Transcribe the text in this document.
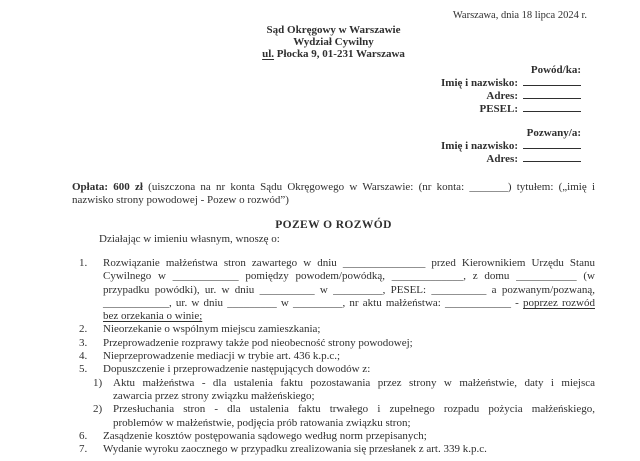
Warszawa, dnia 18 lipca 2024 r.
Sąd Okręgowy w Warszawie
Wydział Cywilny
ul. Płocka 9, 01-231 Warszawa
Powód/ka:
Imię i nazwisko:
Adres:
PESEL:
Pozwany/a:
Imię i nazwisko:
Adres:
Opłata: 600 zł (uiszczona na nr konta Sądu Okręgowego w Warszawie: (nr konta: _______) tytułem: („imię i
nazwisko strony powodowej - Pozew o rozwód”)
POZEW O ROZWÓD
Działając w imieniu własnym, wnoszę o:
1. Rozwiązanie małżeństwa stron zawartego w dniu _______________ przed Kierownikiem Urzędu Stanu
Cywilnego w ____________ pomiędzy powodem/powódką, _____________, z domu ___________ (w
przypadku powódki), ur. w dniu __________ w _________, PESEL: __________ a pozwanym/pozwaną,
____________, ur. w dniu _________ w _________, nr aktu małżeństwa: ____________ - poprzez rozwód
bez orzekania o winie;
2. Nieorzekanie o wspólnym miejscu zamieszkania;
3. Przeprowadzenie rozprawy także pod nieobecność strony powodowej;
4. Nieprzeprowadzenie mediacji w trybie art. 436 k.p.c.;
5. Dopuszczenie i przeprowadzenie następujących dowodów z:
1) Aktu małżeństwa - dla ustalenia faktu pozostawania przez strony w małżeństwie, daty i miejsca
zawarcia przez strony związku małżeńskiego;
2) Przesłuchania stron - dla ustalenia faktu trwałego i zupełnego rozpadu pożycia małżeńskiego,
problemów w małżeństwie, podjęcia prób ratowania związku stron;
6. Zasądzenie kosztów postępowania sądowego według norm przepisanych;
7. Wydanie wyroku zaocznego w przypadku zrealizowania się przesłanek z art. 339 k.p.c.
